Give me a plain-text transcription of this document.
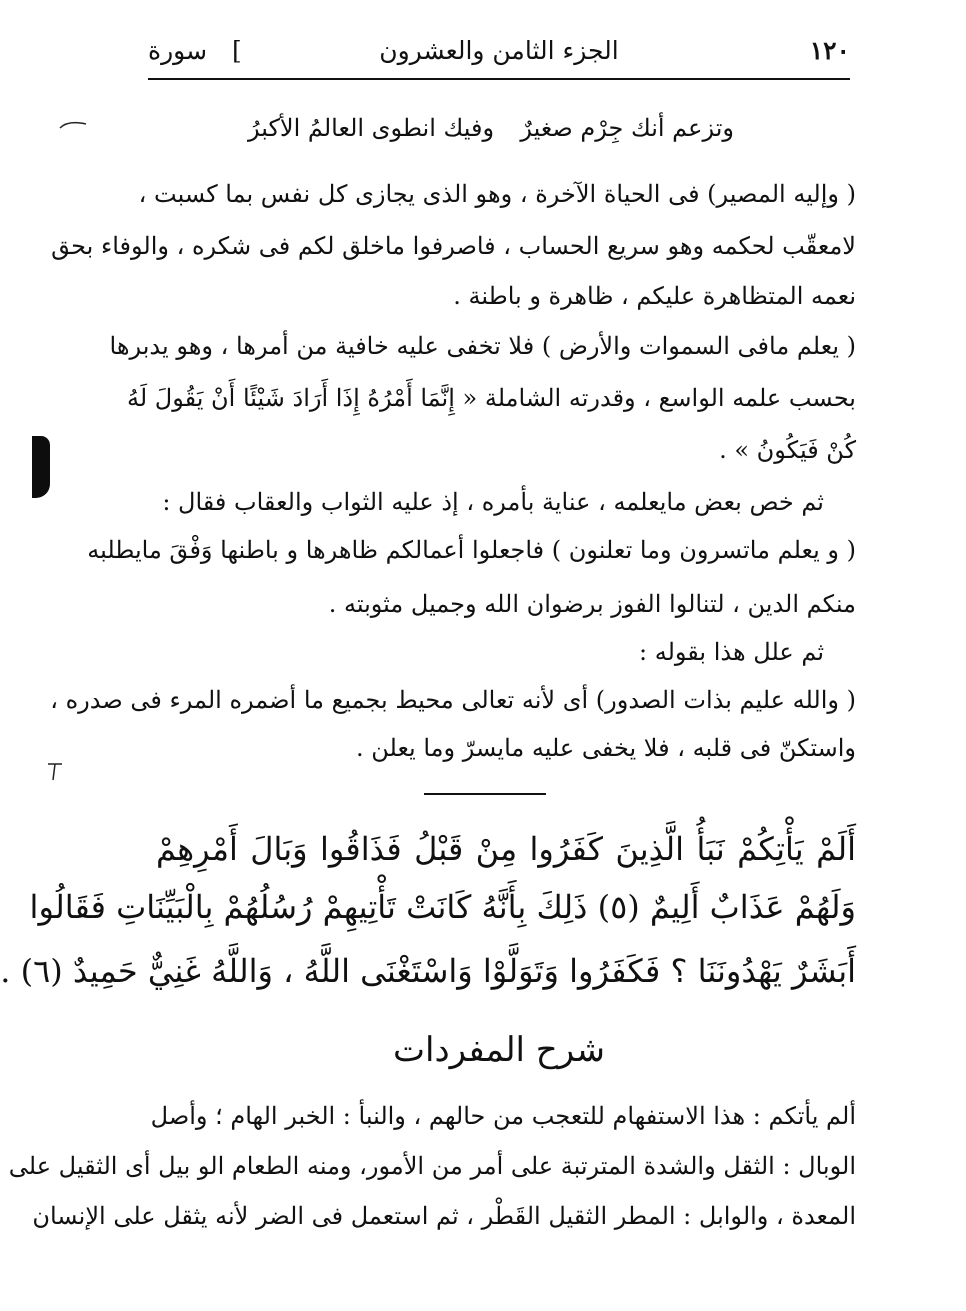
سورة [	الجزء الثامن والعشرون	١٢٠
وتزعم أنك جِرْم صغيرٌ
وفيك انطوى العالمُ الأكبرُ
( وإليه المصير) فى الحياة الآخرة ، وهو الذى يجازى كل نفس بما كسبت ،
لامعقّب لحكمه وهو سريع الحساب ، فاصرفوا ماخلق لكم فى شكره ، والوفاء بحق
نعمه المتظاهرة عليكم ، ظاهرة و باطنة .
( يعلم مافى السموات والأرض ) فلا تخفى عليه خافية من أمرها ، وهو يدبرها
بحسب علمه الواسع ، وقدرته الشاملة « إِنَّمَا أَمْرُهُ إِذَا أَرَادَ شَيْئًا أَنْ يَقُولَ لَهُ
كُنْ فَيَكُونُ » .
ثم خص بعض مايعلمه ، عناية بأمره ، إذ عليه الثواب والعقاب فقال :
( و يعلم ماتسرون وما تعلنون ) فاجعلوا أعمالكم ظاهرها و باطنها وَفْقَ مايطلبه
منكم الدين ، لتنالوا الفوز برضوان الله وجميل مثوبته .
ثم علل هذا بقوله :
( والله عليم بذات الصدور) أى لأنه تعالى محيط بجميع ما أضمره المرء فى صدره ،
واستكنّ فى قلبه ، فلا يخفى عليه مايسرّ وما يعلن .
أَلَمْ يَأْتِكُمْ نَبَأُ الَّذِينَ كَفَرُوا مِنْ قَبْلُ فَذَاقُوا وَبَالَ أَمْرِهِمْ
وَلَهُمْ عَذَابٌ أَلِيمٌ (٥) ذَلِكَ بِأَنَّهُ كَانَتْ تَأْتِيهِمْ رُسُلُهُمْ بِالْبَيِّنَاتِ فَقَالُوا
أَبَشَرٌ يَهْدُونَنَا ؟ فَكَفَرُوا وَتَوَلَّوْا وَاسْتَغْنَى اللَّهُ ، وَاللَّهُ غَنِيٌّ حَمِيدٌ (٦) .
شرح المفردات
ألم يأتكم : هذا الاستفهام للتعجب من حالهم ، والنبأ : الخبر الهام ؛ وأصل
الوبال : الثقل والشدة المترتبة على أمر من الأمور، ومنه الطعام الو بيل أى الثقيل على
المعدة ، والوابل : المطر الثقيل القَطْر ، ثم استعمل فى الضر لأنه يثقل على الإنسان
